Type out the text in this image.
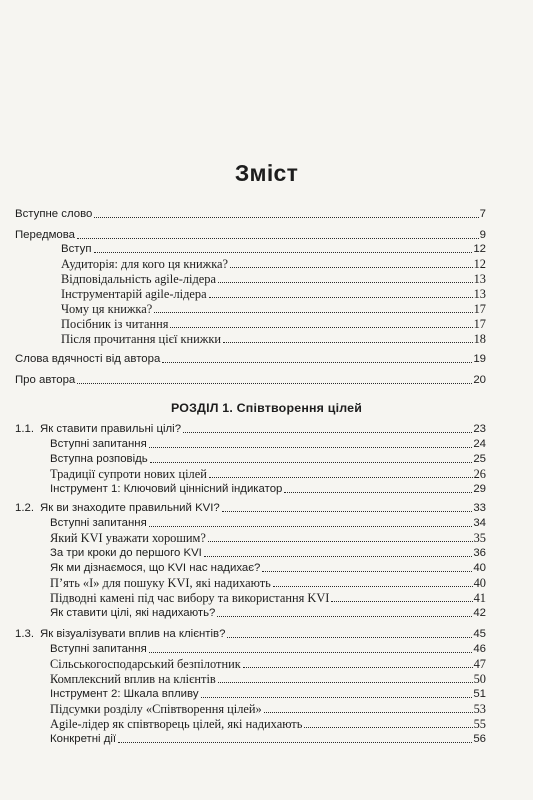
Зміст
Вступне слово	7
Передмова	9
Вступ	12
Аудиторія: для кого ця книжка?	12
Відповідальність agile-лідера	13
Інструментарій agile-лідера	13
Чому ця книжка?	17
Посібник із читання	17
Після прочитання цієї книжки	18
Слова вдячності від автора	19
Про автора	20
РОЗДІЛ 1. Співтворення цілей
1.1. Як ставити правильні цілі?	23
Вступні запитання	24
Вступна розповідь	25
Традиції супроти нових цілей	26
Інструмент 1: Ключовий ціннісний індикатор	29
1.2. Як ви знаходите правильний KVI?	33
Вступні запитання	34
Який KVI уважати хорошим?	35
За три кроки до першого KVI	36
Як ми дізнаємося, що KVI нас надихає?	40
П’ять «І» для пошуку KVI, які надихають	40
Підводні камені під час вибору та використання KVI	41
Як ставити цілі, які надихають?	42
1.3. Як візуалізувати вплив на клієнтів?	45
Вступні запитання	46
Сільськогосподарський безпілотник	47
Комплексний вплив на клієнтів	50
Інструмент 2: Шкала впливу	51
Підсумки розділу «Співтворення цілей»	53
Agile-лідер як співтворець цілей, які надихають	55
Конкретні дії	56
